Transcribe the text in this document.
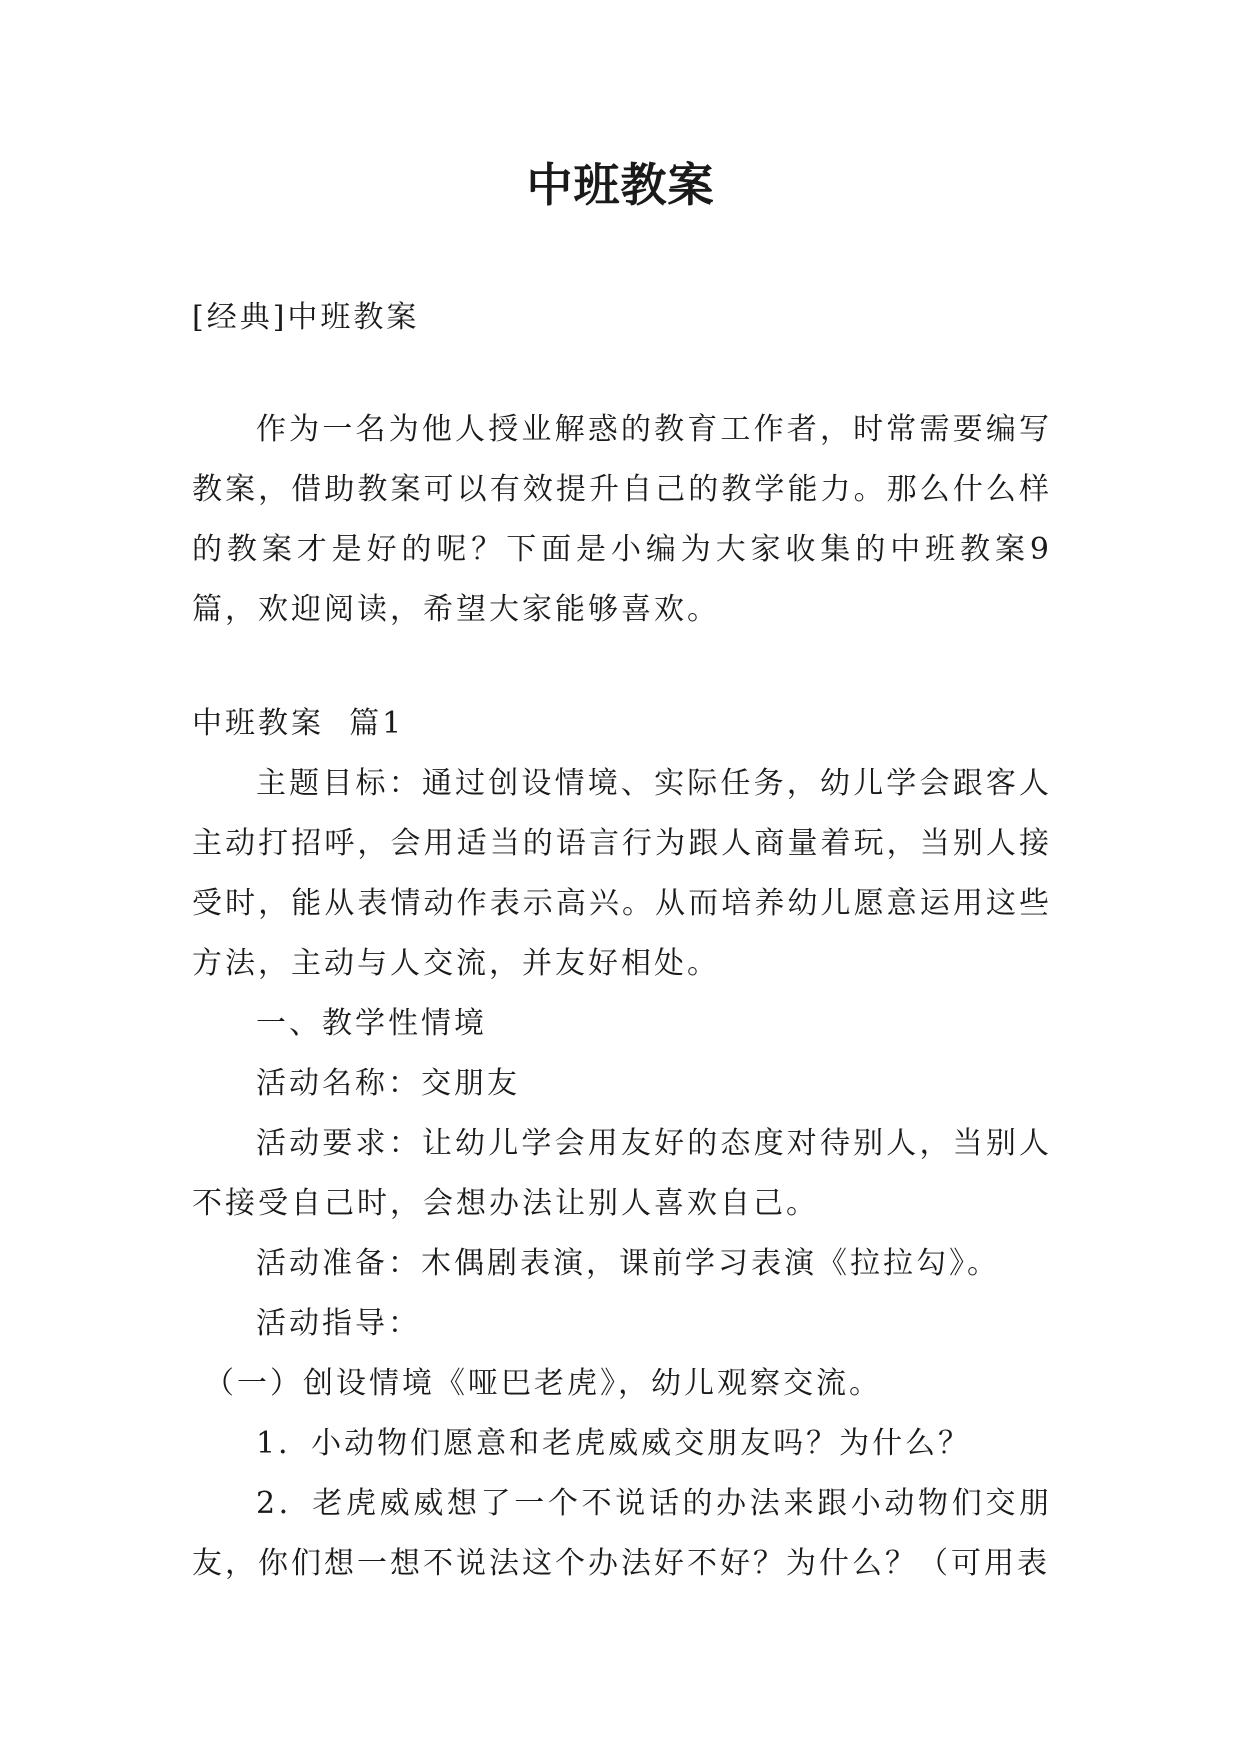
中班教案

[经典]中班教案

作为一名为他人授业解惑的教育工作者，时常需要编写教案，借助教案可以有效提升自己的教学能力。那么什么样的教案才是好的呢？下面是小编为大家收集的中班教案9篇，欢迎阅读，希望大家能够喜欢。

中班教案  篇1

主题目标：通过创设情境、实际任务，幼儿学会跟客人主动打招呼，会用适当的语言行为跟人商量着玩，当别人接受时，能从表情动作表示高兴。从而培养幼儿愿意运用这些方法，主动与人交流，并友好相处。

一、教学性情境

活动名称：交朋友

活动要求：让幼儿学会用友好的态度对待别人，当别人不接受自己时，会想办法让别人喜欢自己。

活动准备：木偶剧表演，课前学习表演《拉拉勾》。

活动指导：

（一）创设情境《哑巴老虎》，幼儿观察交流。

1．小动物们愿意和老虎威威交朋友吗？为什么？

2．老虎威威想了一个不说话的办法来跟小动物们交朋友，你们想一想不说法这个办法好不好？为什么？（可用表
